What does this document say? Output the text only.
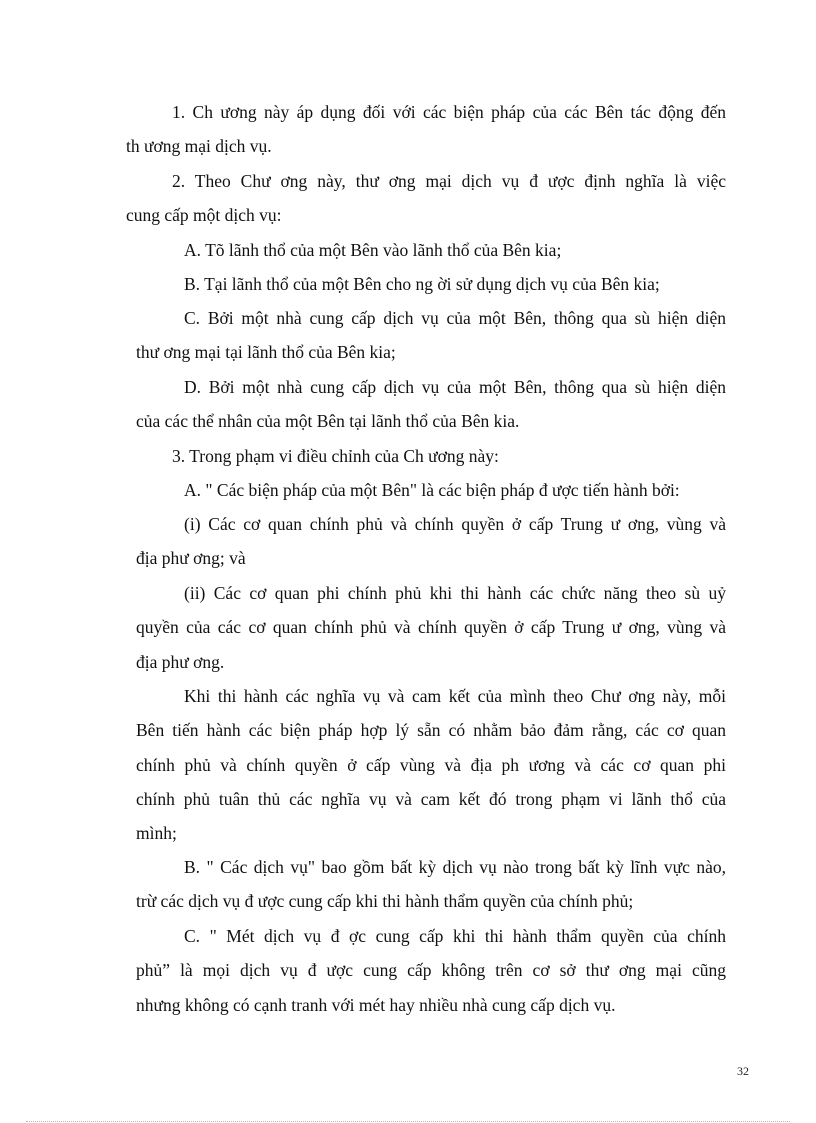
1. Ch ương này áp dụng đối với các biện pháp của các Bên tác động đến
th ương mại dịch vụ.
2. Theo Chư ơng này, thư ơng mại dịch vụ đ ược định nghĩa là việc
cung cấp một dịch vụ:
A. Tõ lãnh thổ của một Bên vào lãnh thổ của Bên kia;
B. Tại lãnh thổ của một Bên cho ng ời sử dụng dịch vụ của Bên kia;
C. Bởi một nhà cung cấp dịch vụ của một Bên, thông qua sù hiện diện
thư ơng mại tại lãnh thổ của Bên kia;
D. Bởi một nhà cung cấp dịch vụ của một Bên, thông qua sù hiện diện
của các thể nhân của một Bên tại lãnh thổ của Bên kia.
3. Trong phạm vi điều chỉnh của Ch ương này:
A. " Các biện pháp của một Bên" là các biện pháp đ ược tiến hành bởi:
(i) Các cơ quan chính phủ và chính quyền ở cấp Trung ư ơng, vùng và
địa phư ơng; và
(ii) Các cơ quan phi chính phủ khi thi hành các chức năng theo sù uỷ
quyền của các cơ quan chính phủ và chính quyền ở cấp Trung ư ơng, vùng và
địa phư ơng.
Khi thi hành các nghĩa vụ và cam kết của mình theo Chư ơng này, mỗi
Bên tiến hành các biện pháp hợp lý sẵn có nhằm bảo đảm rằng, các cơ quan
chính phủ và chính quyền ở cấp vùng và địa ph ương và các cơ quan phi
chính phủ tuân thủ các nghĩa vụ và cam kết đó trong phạm vi lãnh thổ của
mình;
B. " Các dịch vụ" bao gồm bất kỳ dịch vụ nào trong bất kỳ lĩnh vực nào,
trừ các dịch vụ đ ược cung cấp khi thi hành thẩm quyền của chính phủ;
C. " Mét dịch vụ đ ợc cung cấp khi thi hành thẩm quyền của chính
phủ” là mọi dịch vụ đ ược cung cấp không trên cơ sở thư ơng mại cũng
nhưng không có cạnh tranh với mét hay nhiều nhà cung cấp dịch vụ.
32
